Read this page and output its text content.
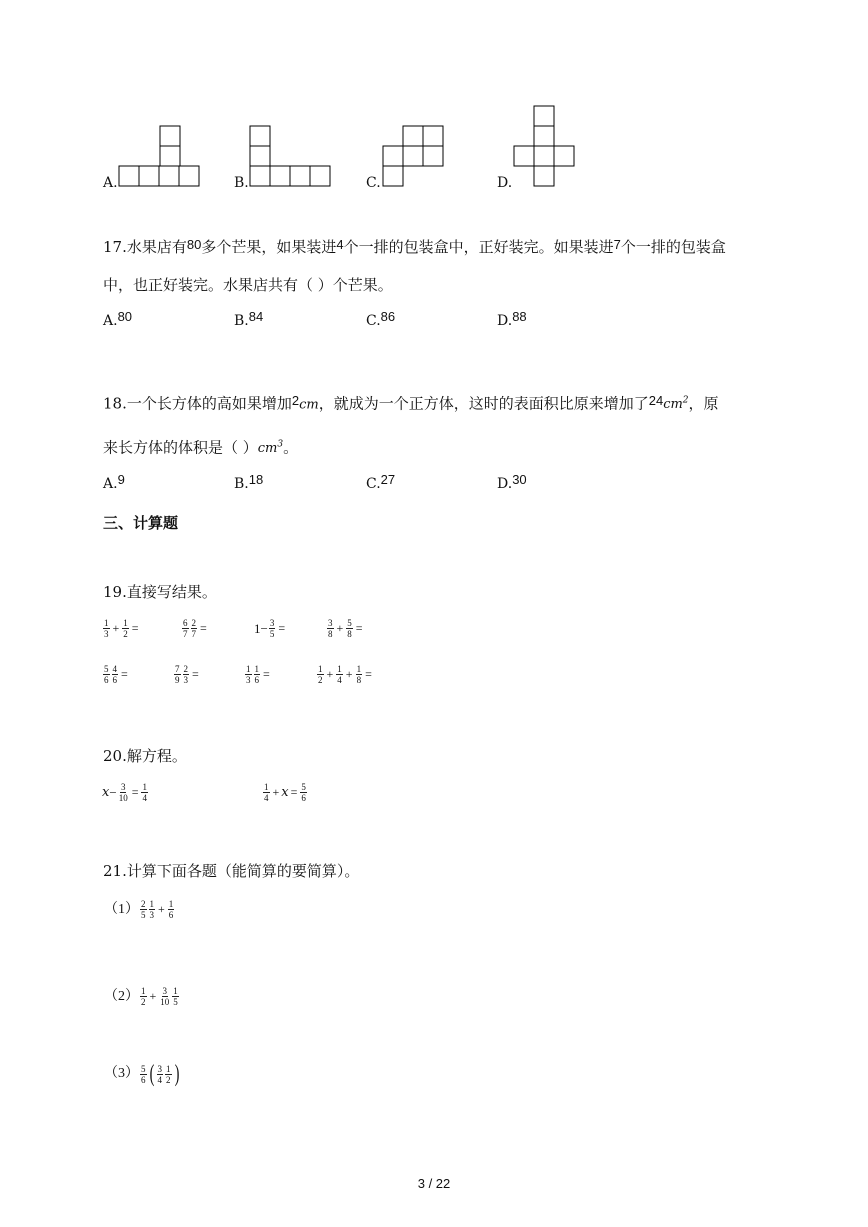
A.	B.	C.	D.
17.水果店有80多个芒果，如果装进4个一排的包装盒中，正好装完。如果装进7个一排的包装盒
中，也正好装完。水果店共有（ ）个芒果。
A.80	B.84	C.86	D.88
18.一个长方体的高如果增加2cm，就成为一个正方体，这时的表面积比原来增加了$24cm^2$，原
来长方体的体积是（ ）$cm^3$。
A.9	B.18	C.27	D.30
三、计算题
19.直接写结果。
$\frac{1}{3} + \frac{1}{2}$ =	$\frac{6}{7} \frac{2}{7}$ =	$1- \frac{3}{5}$ =	$\frac{3}{8} + \frac{5}{8}$ =
$\frac{5}{6} \frac{4}{6}$ =	$\frac{7}{9} \frac{2}{3}$ =	$\frac{1}{3} \frac{1}{6}$ =	$\frac{1}{2} + \frac{1}{4} + \frac{1}{8}$ =
20.解方程。
$x - \frac{3}{10} = \frac{1}{4}$	$\frac{1}{4} + x = \frac{5}{6}$
21.计算下面各题（能简算的要简算）。
$(1) \frac{2}{5} \frac{1}{3} + \frac{1}{6}$
$(2) \frac{1}{2} + \frac{3}{10} \frac{1}{5}$
$(3) \frac{5}{6}$ ( $\frac{3}{4} \frac{1}{2}$ )
3 / 22
